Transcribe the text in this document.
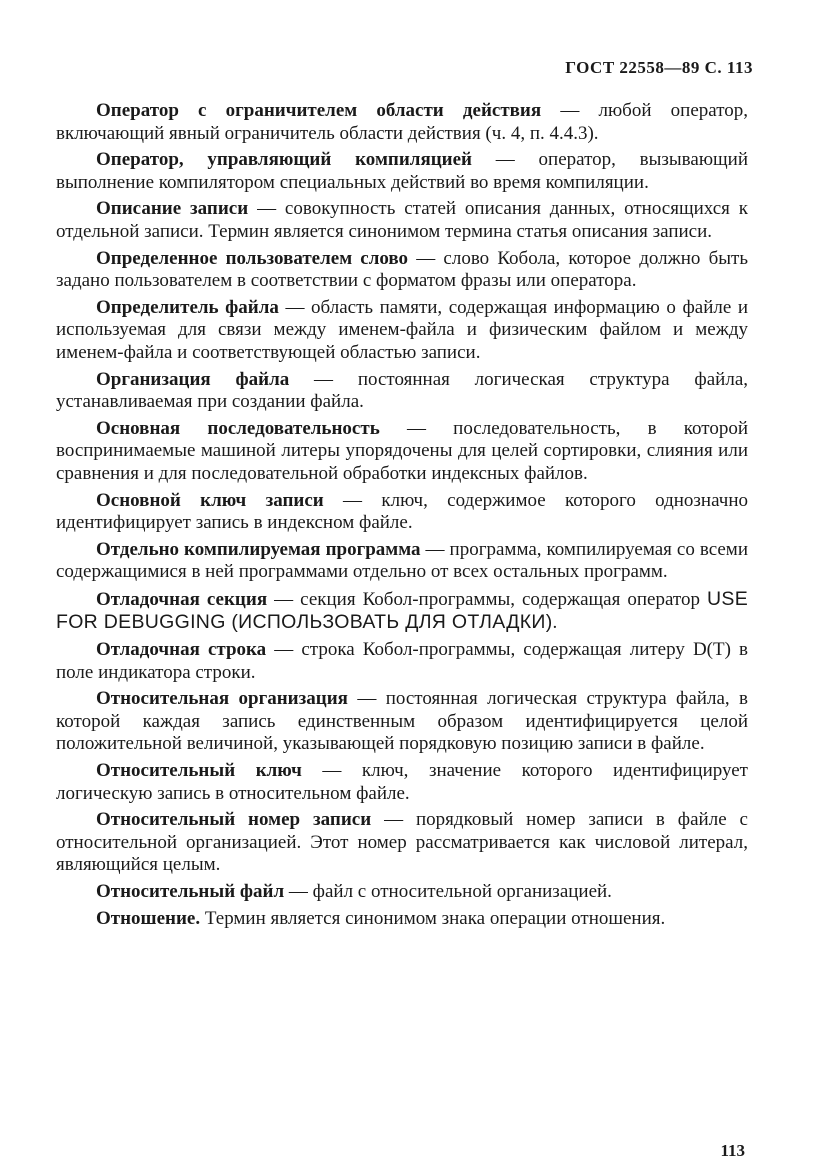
ГОСТ 22558—89 С. 113

Оператор с ограничителем области действия — любой оператор, включающий явный ограничитель области действия (ч. 4, п. 4.4.3).

Оператор, управляющий компиляцией — оператор, вызывающий выполнение компилятором специальных действий во время компиляции.

Описание записи — совокупность статей описания данных, относящихся к отдельной записи. Термин является синонимом термина статья описания записи.

Определенное пользователем слово — слово Кобола, которое должно быть задано пользователем в соответствии с форматом фразы или оператора.

Определитель файла — область памяти, содержащая информацию о файле и используемая для связи между именем-файла и физическим файлом и между именем-файла и соответствующей областью записи.

Организация файла — постоянная логическая структура файла, устанавливаемая при создании файла.

Основная последовательность — последовательность, в которой воспринимаемые машиной литеры упорядочены для целей сортировки, слияния или сравнения и для последовательной обработки индексных файлов.

Основной ключ записи — ключ, содержимое которого однозначно идентифицирует запись в индексном файле.

Отдельно компилируемая программа — программа, компилируемая со всеми содержащимися в ней программами отдельно от всех остальных программ.

Отладочная секция — секция Кобол-программы, содержащая оператор USE FOR DEBUGGING (ИСПОЛЬЗОВАТЬ ДЛЯ ОТЛАДКИ).

Отладочная строка — строка Кобол-программы, содержащая литеру D(T) в поле индикатора строки.

Относительная организация — постоянная логическая структура файла, в которой каждая запись единственным образом идентифицируется целой положительной величиной, указывающей порядковую позицию записи в файле.

Относительный ключ — ключ, значение которого идентифицирует логическую запись в относительном файле.

Относительный номер записи — порядковый номер записи в файле с относительной организацией. Этот номер рассматривается как числовой литерал, являющийся целым.

Относительный файл — файл с относительной организацией.

Отношение. Термин является синонимом знака операции отношения.

113
